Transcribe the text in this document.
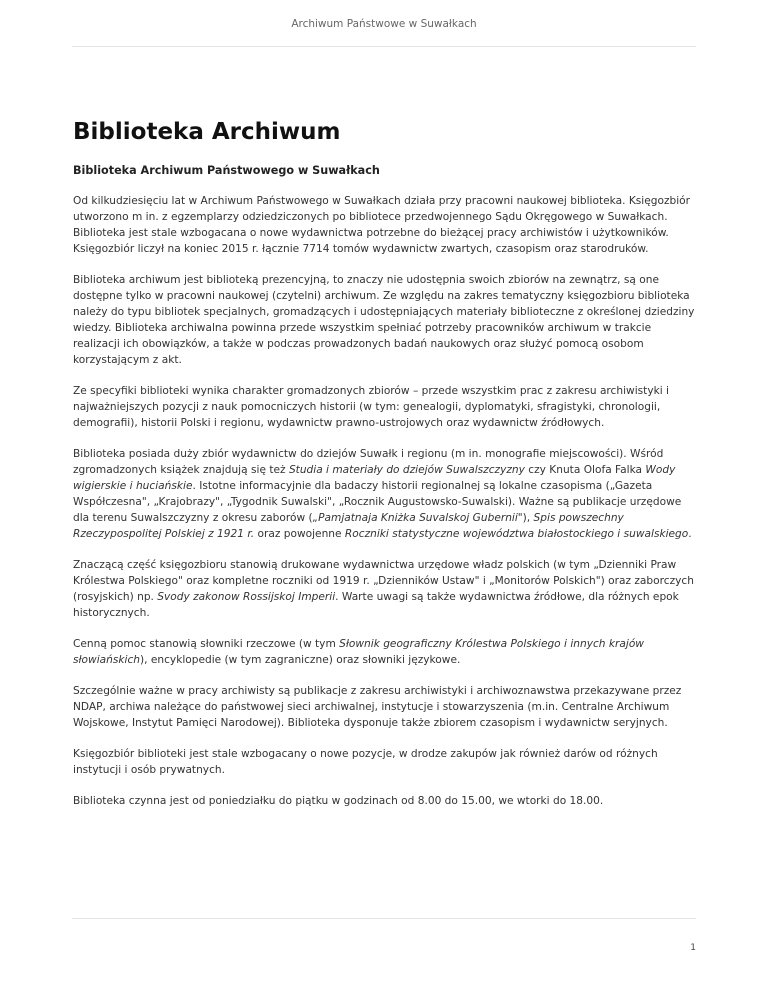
Archiwum Państwowe w Suwałkach
Biblioteka Archiwum
Biblioteka Archiwum Państwowego w Suwałkach

Od kilkudziesięciu lat w Archiwum Państwowego w Suwałkach działa przy pracowni naukowej biblioteka. Księgozbiór utworzono m in. z egzemplarzy odziedziczonych po bibliotece przedwojennego Sądu Okręgowego w Suwałkach. Biblioteka jest stale wzbogacana o nowe wydawnictwa potrzebne do bieżącej pracy archiwistów i użytkowników. Księgozbiór liczył na koniec 2015 r. łącznie 7714 tomów wydawnictw zwartych, czasopism oraz starodruków.

Biblioteka archiwum jest biblioteką prezencyjną, to znaczy nie udostępnia swoich zbiorów na zewnątrz, są one dostępne tylko w pracowni naukowej (czytelni) archiwum. Ze względu na zakres tematyczny księgozbioru biblioteka należy do typu bibliotek specjalnych, gromadzących i udostępniających materiały biblioteczne z określonej dziedziny wiedzy. Biblioteka archiwalna powinna przede wszystkim spełniać potrzeby pracowników archiwum w trakcie realizacji ich obowiązków, a także w podczas prowadzonych badań naukowych oraz służyć pomocą osobom korzystającym z akt.

Ze specyfiki biblioteki wynika charakter gromadzonych zbiorów – przede wszystkim prac z zakresu archiwistyki i najważniejszych pozycji z nauk pomocniczych historii (w tym: genealogii, dyplomatyki, sfragistyki, chronologii, demografii), historii Polski i regionu, wydawnictw prawno-ustrojowych oraz wydawnictw źródłowych.

Biblioteka posiada duży zbiór wydawnictw do dziejów Suwałk i regionu (m in. monografie miejscowości). Wśród zgromadzonych książek znajdują się też Studia i materiały do dziejów Suwalszczyzny czy Knuta Olofa Falka Wody wigierskie i huciańskie. Istotne informacyjnie dla badaczy historii regionalnej są lokalne czasopisma („Gazeta Współczesna", „Krajobrazy", „Tygodnik Suwalski", „Rocznik Augustowsko-Suwalski). Ważne są publikacje urzędowe dla terenu Suwalszczyzny z okresu zaborów („Pamjatnaja Kniżka Suvalskoj Gubernii"), Spis powszechny Rzeczypospolitej Polskiej z 1921 r. oraz powojenne Roczniki statystyczne województwa białostockiego i suwalskiego.

Znaczącą część księgozbioru stanowią drukowane wydawnictwa urzędowe władz polskich (w tym „Dzienniki Praw Królestwa Polskiego" oraz kompletne roczniki od 1919 r. „Dzienników Ustaw" i „Monitorów Polskich") oraz zaborczych (rosyjskich) np. Svody zakonow Rossijskoj Imperii. Warte uwagi są także wydawnictwa źródłowe, dla różnych epok historycznych.

Cenną pomoc stanowią słowniki rzeczowe (w tym Słownik geograficzny Królestwa Polskiego i innych krajów słowiańskich), encyklopedie (w tym zagraniczne) oraz słowniki językowe.

Szczególnie ważne w pracy archiwisty są publikacje z zakresu archiwistyki i archiwoznawstwa przekazywane przez NDAP, archiwa należące do państwowej sieci archiwalnej, instytucje i stowarzyszenia (m.in. Centralne Archiwum Wojskowe, Instytut Pamięci Narodowej). Biblioteka dysponuje także zbiorem czasopism i wydawnictw seryjnych.

Księgozbiór biblioteki jest stale wzbogacany o nowe pozycje, w drodze zakupów jak również darów od różnych instytucji i osób prywatnych.

Biblioteka czynna jest od poniedziałku do piątku w godzinach od 8.00 do 15.00, we wtorki do 18.00.

1
